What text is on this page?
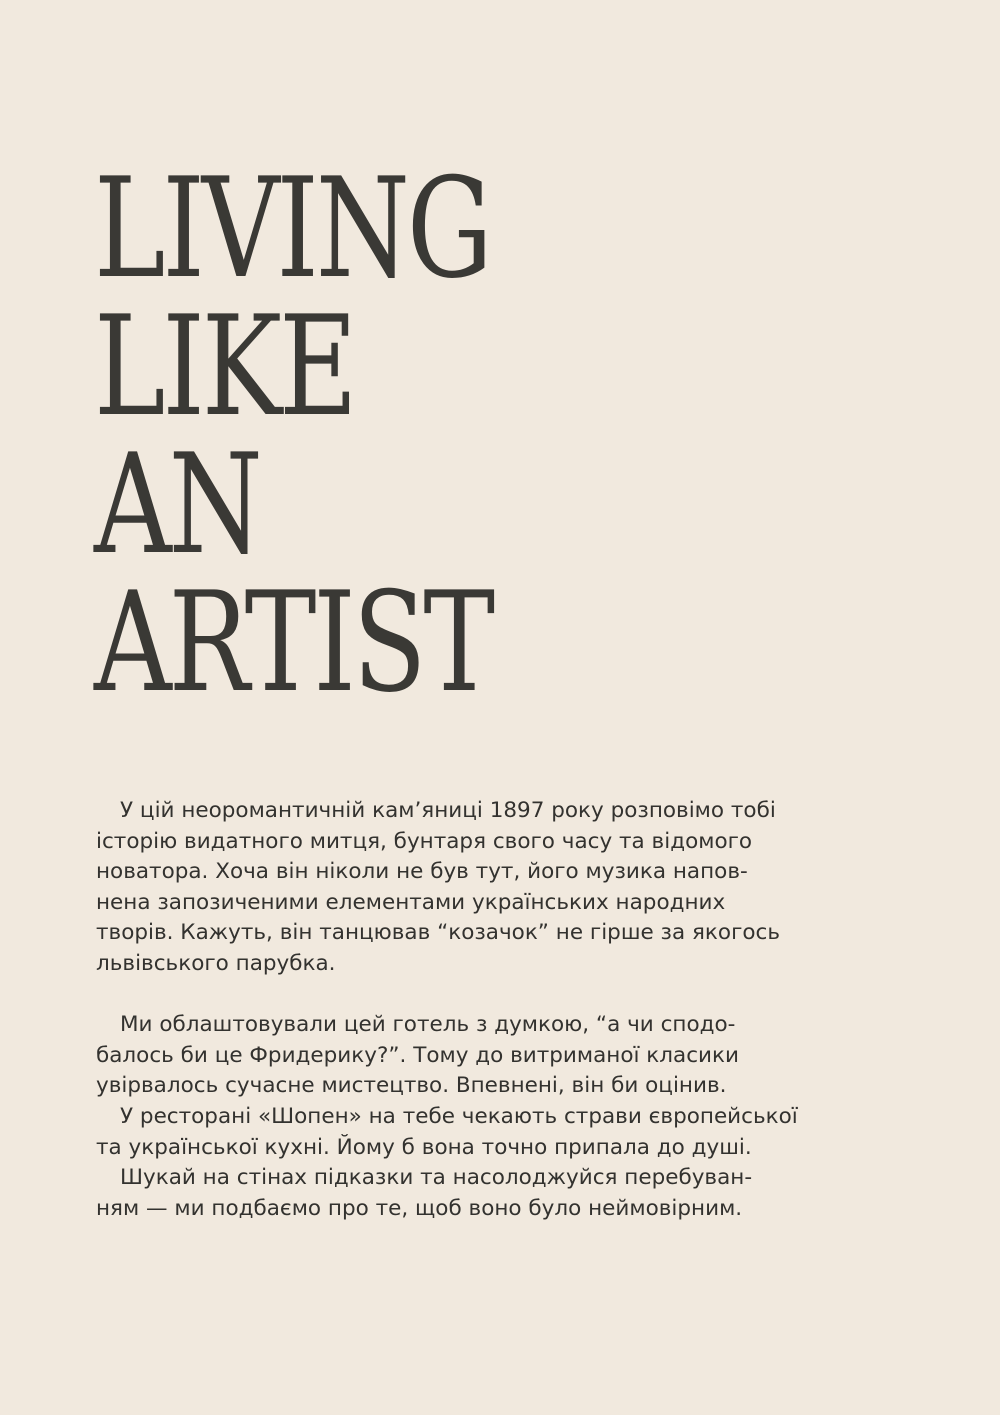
LIVING
LIKE
AN
ARTIST

У цій неоромантичній кам’яниці 1897 року розповімо тобі
історію видатного митця, бунтаря свого часу та відомого
новатора. Хоча він ніколи не був тут, його музика напов-
нена запозиченими елементами українських народних
творів. Кажуть, він танцював “козачок” не гірше за якогось
львівського парубка.

Ми облаштовували цей готель з думкою, “а чи сподо-
балось би це Фридерику?”. Тому до витриманої класики
увірвалось сучасне мистецтво. Впевнені, він би оцінив.

У ресторані «Шопен» на тебе чекають страви європейської
та української кухні. Йому б вона точно припала до душі.

Шукай на стінах підказки та насолоджуйся перебуван-
ням — ми подбаємо про те, щоб воно було неймовірним.
